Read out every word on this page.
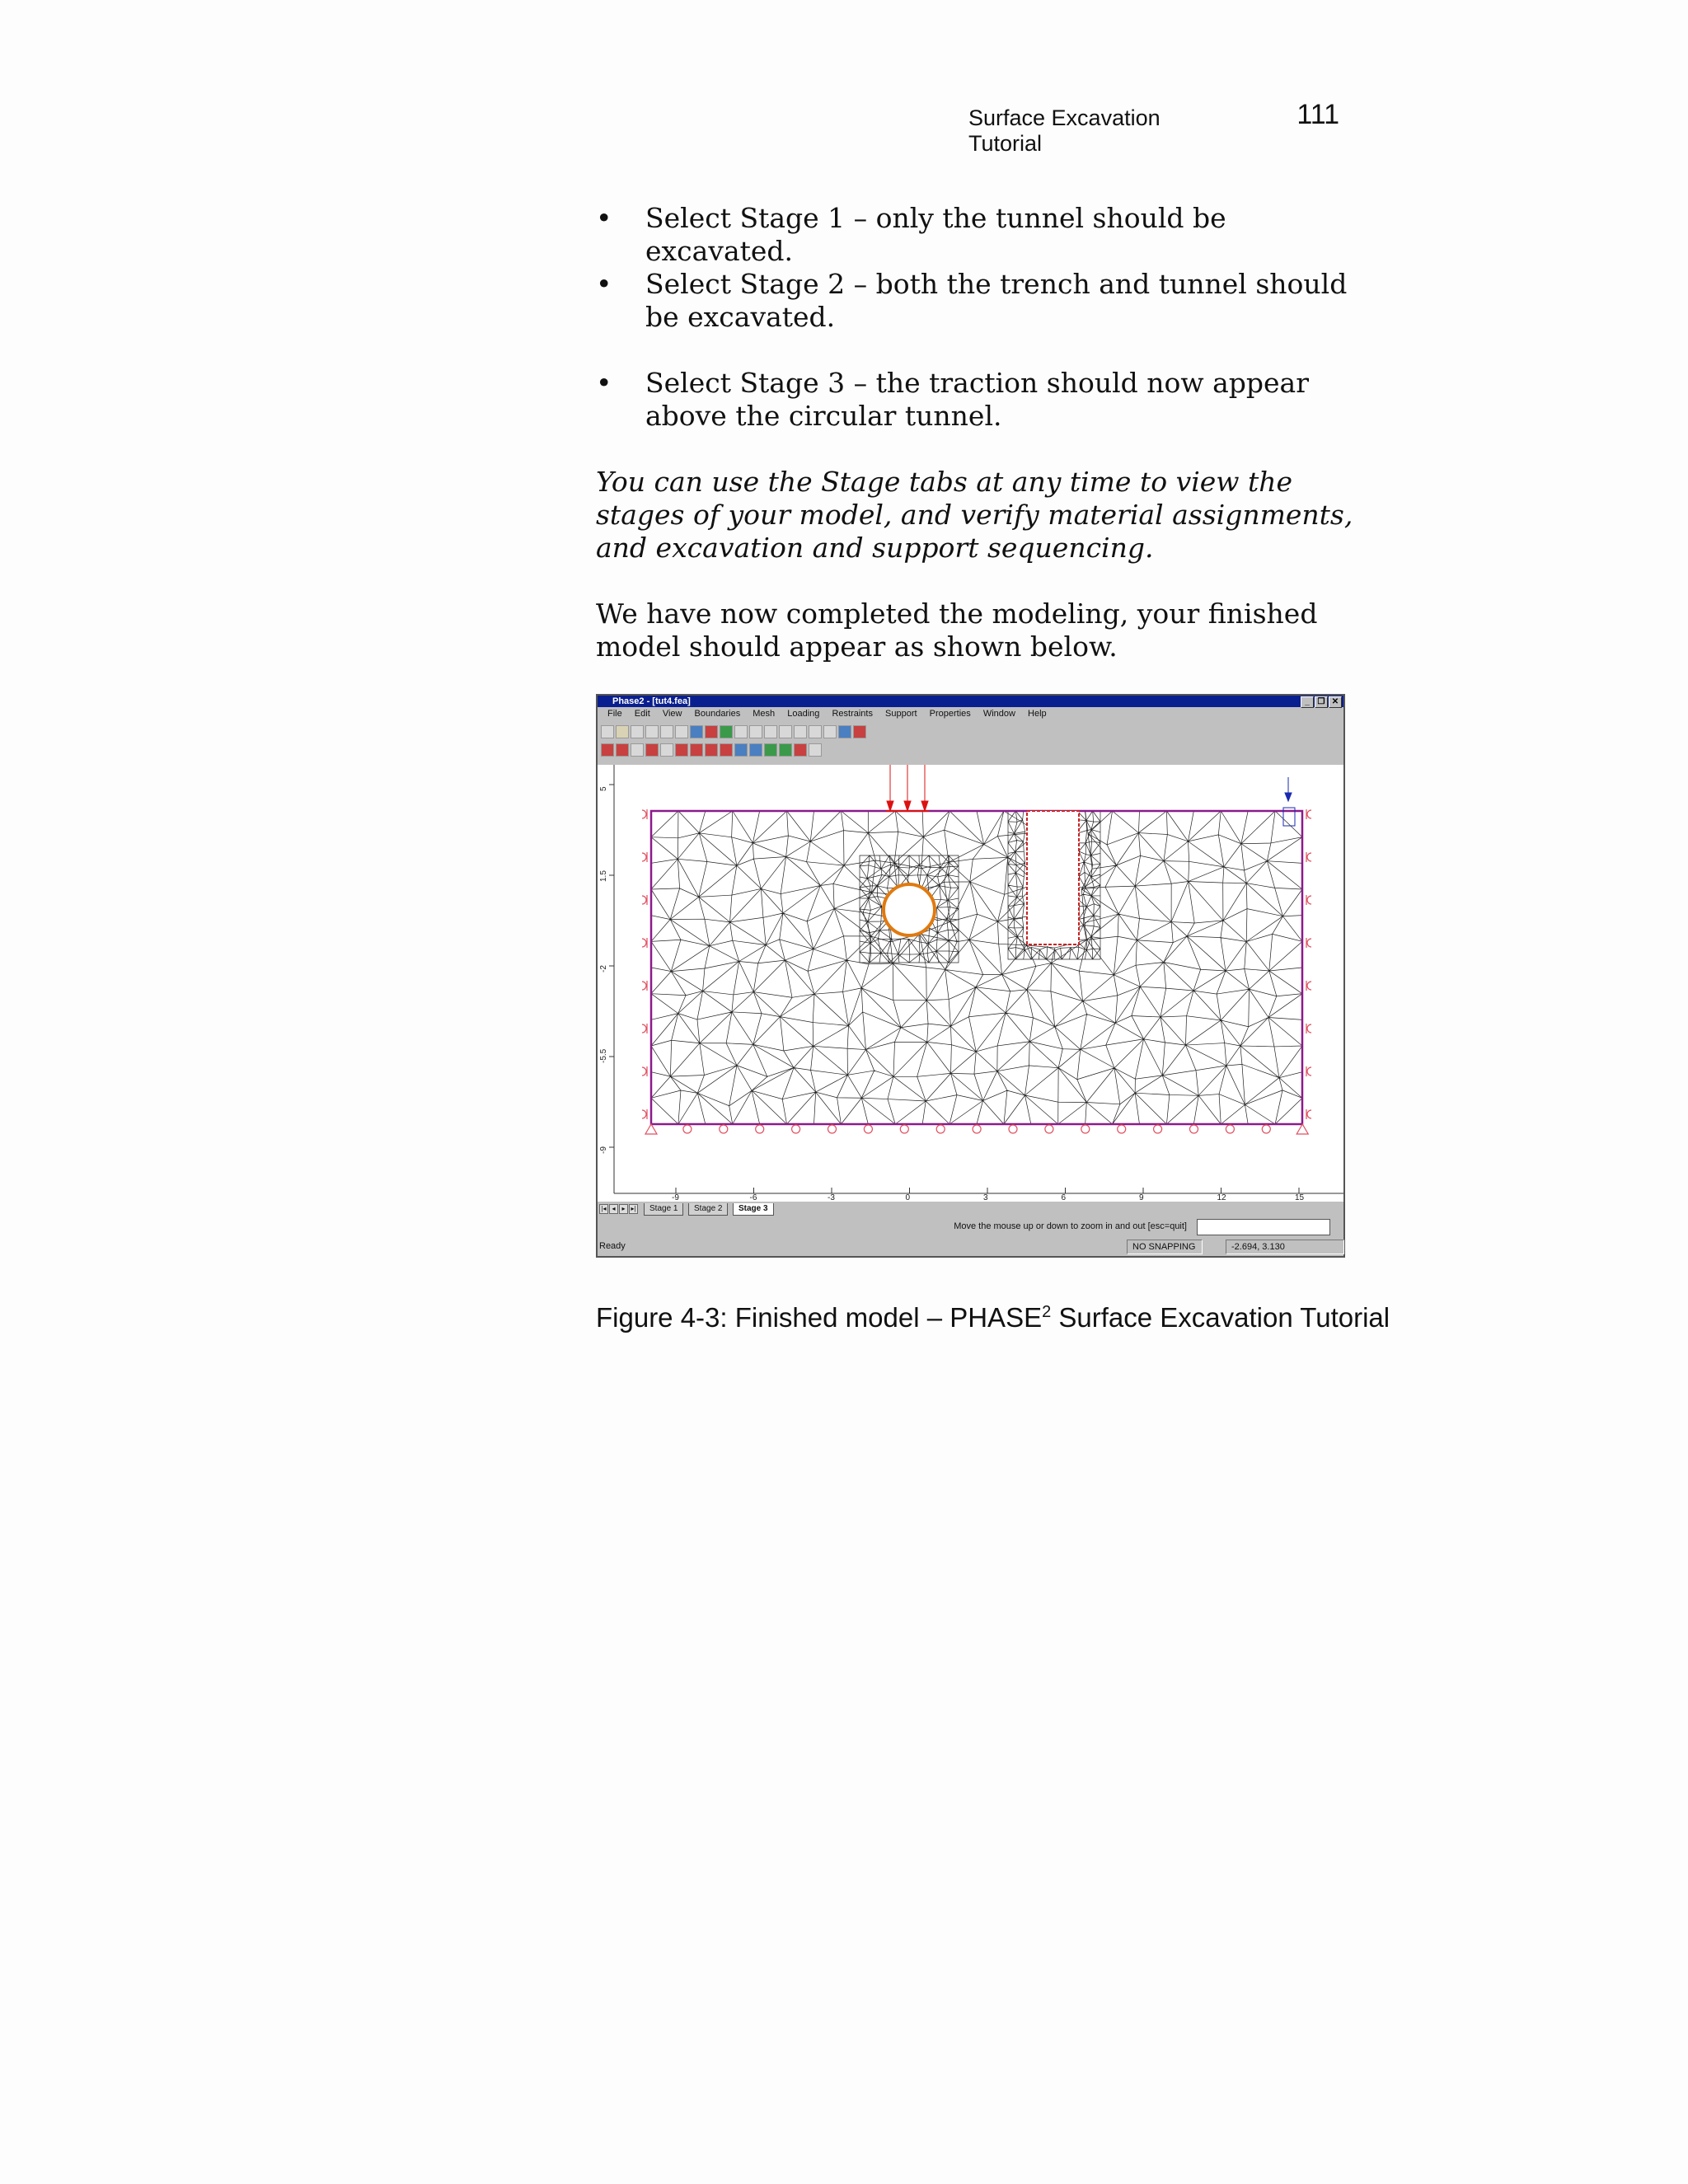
Surface Excavation Tutorial
111
• Select Stage 1 – only the tunnel should be excavated.
• Select Stage 2 – both the trench and tunnel should be excavated.
• Select Stage 3 – the traction should now appear above the circular tunnel.
You can use the Stage tabs at any time to view the stages of your model, and verify material assignments, and excavation and support sequencing.
We have now completed the modeling, your finished model should appear as shown below.
Phase2 - [tut4.fea]	_ ❐ ✕
File Edit View Boundaries Mesh Loading Restraints Support Properties Window Help
-9	-6	-3	0	3	6	9	12	15
5
1.5
-2
-5.5
-9
|◂ ◂ ▸ ▸|	Stage 1	Stage 2	Stage 3
Move the mouse up or down to zoom in and out [esc=quit]
Ready	NO SNAPPING	-2.694, 3.130
Figure 4-3: Finished model – PHASE$^2$ Surface Excavation Tutorial
